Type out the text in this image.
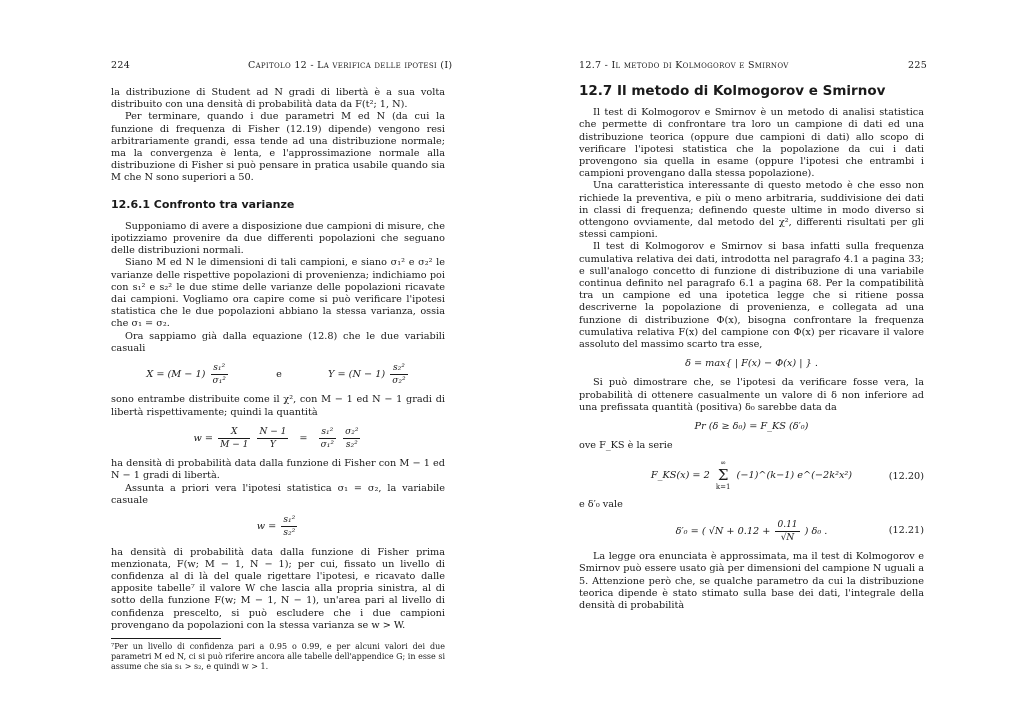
224	Capitolo 12 - La verifica delle ipotesi (I)

la distribuzione di Student ad N gradi di libertà è a sua volta distribuito con una densità di probabilità data da F(t²; 1, N).

Per terminare, quando i due parametri M ed N (da cui la funzione di frequenza di Fisher (12.19) dipende) vengono resi arbitrariamente grandi, essa tende ad una distribuzione normale; ma la convergenza è lenta, e l'approssimazione normale alla distribuzione di Fisher si può pensare in pratica usabile quando sia M che N sono superiori a 50.

12.6.1 Confronto tra varianze

Supponiamo di avere a disposizione due campioni di misure, che ipotizziamo provenire da due differenti popolazioni che seguano delle distribuzioni normali.

Siano M ed N le dimensioni di tali campioni, e siano σ₁² e σ₂² le varianze delle rispettive popolazioni di provenienza; indichiamo poi con s₁² e s₂² le due stime delle varianze delle popolazioni ricavate dai campioni. Vogliamo ora capire come si può verificare l'ipotesi statistica che le due popolazioni abbiano la stessa varianza, ossia che σ₁ = σ₂.

Ora sappiamo già dalla equazione (12.8) che le due variabili casuali

$X = (M - 1) \frac{\text{s₁²}}{\text{σ₁²}}$	e	$Y = (N - 1) \frac{\text{s₂²}}{\text{σ₂²}}$

sono entrambe distribuite come il χ², con M − 1 ed N − 1 gradi di libertà rispettivamente; quindi la quantità

$w = \frac{X}{M - 1}$
$\frac{N - 1}{Y} = \frac{\text{s₁²}}{\text{σ₁²}}$
$\frac{\text{σ₂²}}{\text{s₂²}}$

ha densità di probabilità data dalla funzione di Fisher con M − 1 ed N − 1 gradi di libertà.

Assunta a priori vera l'ipotesi statistica σ₁ = σ₂, la variabile casuale

$w = \frac{\text{s₁²}}{\text{s₂²}}$

ha densità di probabilità data dalla funzione di Fisher prima menzionata, F(w; M − 1, N − 1); per cui, fissato un livello di confidenza al di là del quale rigettare l'ipotesi, e ricavato dalle apposite tabelle⁷ il valore W che lascia alla propria sinistra, al di sotto della funzione F(w; M − 1, N − 1), un'area pari al livello di confidenza prescelto, si può escludere che i due campioni provengano da popolazioni con la stessa varianza se w > W.

⁷Per un livello di confidenza pari a 0.95 o 0.99, e per alcuni valori dei due parametri M ed N, ci si può riferire ancora alle tabelle dell'appendice G; in esse si assume che sia s₁ > s₂, e quindi w > 1.

12.7 - Il metodo di Kolmogorov e Smirnov	225
12.7 Il metodo di Kolmogorov e Smirnov

Il test di Kolmogorov e Smirnov è un metodo di analisi statistica che permette di confrontare tra loro un campione di dati ed una distribuzione teorica (oppure due campioni di dati) allo scopo di verificare l'ipotesi statistica che la popolazione da cui i dati provengono sia quella in esame (oppure l'ipotesi che entrambi i campioni provengano dalla stessa popolazione).

Una caratteristica interessante di questo metodo è che esso non richiede la preventiva, e più o meno arbitraria, suddivisione dei dati in classi di frequenza; definendo queste ultime in modo diverso si ottengono ovviamente, dal metodo del χ², differenti risultati per gli stessi campioni.

Il test di Kolmogorov e Smirnov si basa infatti sulla frequenza cumulativa relativa dei dati, introdotta nel paragrafo 4.1 a pagina 33; e sull'analogo concetto di funzione di distribuzione di una variabile continua definito nel paragrafo 6.1 a pagina 68. Per la compatibilità tra un campione ed una ipotetica legge che si ritiene possa descriverne la popolazione di provenienza, e collegata ad una funzione di distribuzione Φ(x), bisogna confrontare la frequenza cumulativa relativa F(x) del campione con Φ(x) per ricavare il valore assoluto del massimo scarto tra esse,

δ = max{ | F(x) − Φ(x) | } .

Si può dimostrare che, se l'ipotesi da verificare fosse vera, la probabilità di ottenere casualmente un valore di δ non inferiore ad una prefissata quantità (positiva) δ₀ sarebbe data da

Pr (δ ≥ δ₀) = F_KS (δ′₀)

ove F_KS è la serie

F_KS(x) = 2
∞
Σ
k=1
(−1)^(k−1) e^(−2k²x²)	(12.20)

e δ′₀ vale

δ′₀ = ( $√N + 0.12 + \frac{0.11}{√N}$ ) δ₀ .	(12.21)

La legge ora enunciata è approssimata, ma il test di Kolmogorov e Smirnov può essere usato già per dimensioni del campione N uguali a 5. Attenzione però che, se qualche parametro da cui la distribuzione teorica dipende è stato stimato sulla base dei dati, l'integrale della densità di probabilità
